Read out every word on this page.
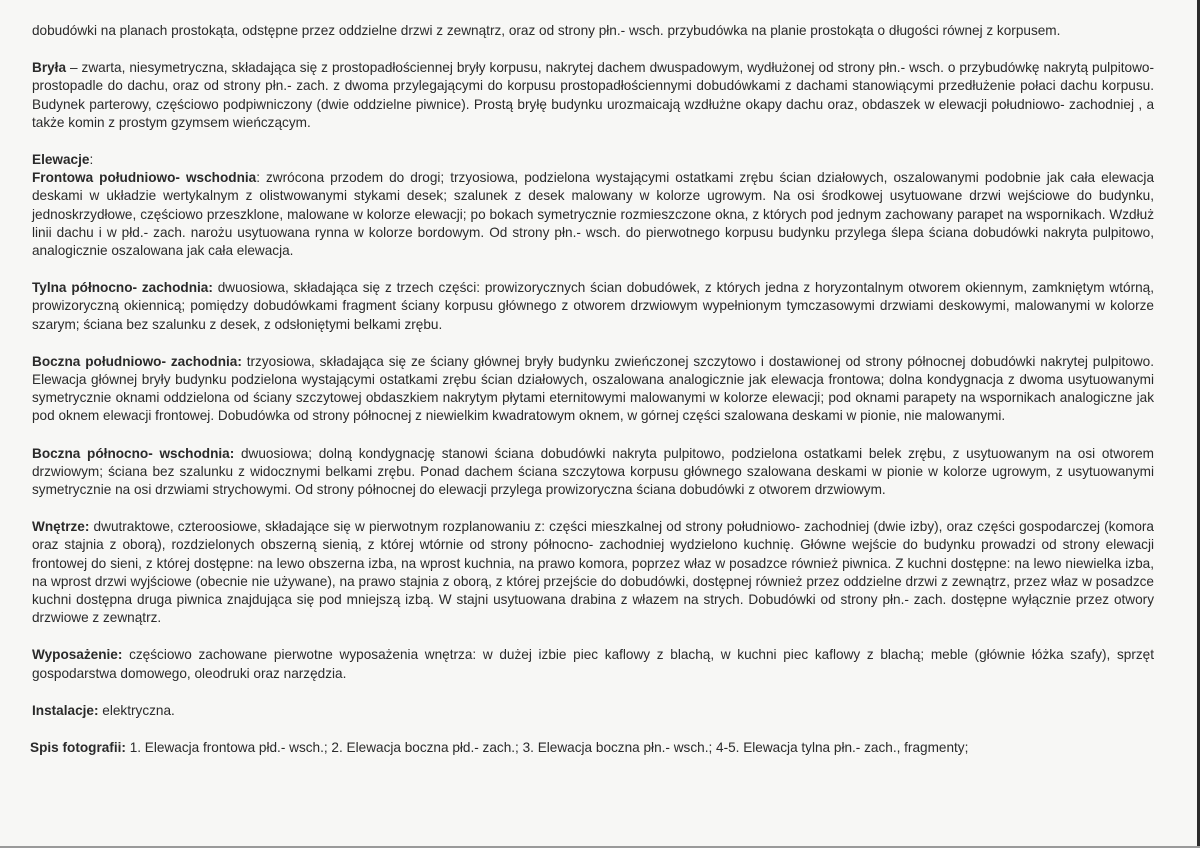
dobudówki na planach prostokąta, odstępne przez oddzielne drzwi z zewnątrz, oraz od strony płn.- wsch. przybudówka na planie prostokąta o długości równej z korpusem.

Bryła – zwarta, niesymetryczna, składająca się z prostopadłościennej bryły korpusu, nakrytej dachem dwuspadowym, wydłużonej od strony płn.- wsch. o przybudówkę nakrytą pulpitowo- prostopadle do dachu, oraz od strony płn.- zach. z dwoma przylegającymi do korpusu prostopadłościennymi dobudówkami z dachami stanowiącymi przedłużenie połaci dachu korpusu. Budynek parterowy, częściowo podpiwniczony (dwie oddzielne piwnice). Prostą bryłę budynku urozmaicają wzdłużne okapy dachu oraz, obdaszek w elewacji południowo- zachodniej , a także komin z prostym gzymsem wieńczącym.

Elewacje:

Frontowa południowo- wschodnia: zwrócona przodem do drogi; trzyosiowa, podzielona wystającymi ostatkami zrębu ścian działowych, oszalowanymi podobnie jak cała elewacja deskami w układzie wertykalnym z olistwowanymi stykami desek; szalunek z desek malowany w kolorze ugrowym. Na osi środkowej usytuowane drzwi wejściowe do budynku, jednoskrzydłowe, częściowo przeszklone, malowane w kolorze elewacji; po bokach symetrycznie rozmieszczone okna, z których pod jednym zachowany parapet na wspornikach. Wzdłuż linii dachu i w płd.- zach. narożu usytuowana rynna w kolorze bordowym. Od strony płn.- wsch. do pierwotnego korpusu budynku przylega ślepa ściana dobudówki nakryta pulpitowo, analogicznie oszalowana jak cała elewacja.

Tylna północno- zachodnia: dwuosiowa, składająca się z trzech części: prowizorycznych ścian dobudówek, z których jedna z horyzontalnym otworem okiennym, zamkniętym wtórną, prowizoryczną okiennicą; pomiędzy dobudówkami fragment ściany korpusu głównego z otworem drzwiowym wypełnionym tymczasowymi drzwiami deskowymi, malowanymi w kolorze szarym; ściana bez szalunku z desek, z odsłoniętymi belkami zrębu.

Boczna południowo- zachodnia: trzyosiowa, składająca się ze ściany głównej bryły budynku zwieńczonej szczytowo i dostawionej od strony północnej dobudówki nakrytej pulpitowo. Elewacja głównej bryły budynku podzielona wystającymi ostatkami zrębu ścian działowych, oszalowana analogicznie jak elewacja frontowa; dolna kondygnacja z dwoma usytuowanymi symetrycznie oknami oddzielona od ściany szczytowej obdaszkiem nakrytym płytami eternitowymi malowanymi w kolorze elewacji; pod oknami parapety na wspornikach analogiczne jak pod oknem elewacji frontowej. Dobudówka od strony północnej z niewielkim kwadratowym oknem, w górnej części szalowana deskami w pionie, nie malowanymi.

Boczna północno- wschodnia: dwuosiowa; dolną kondygnację stanowi ściana dobudówki nakryta pulpitowo, podzielona ostatkami belek zrębu, z usytuowanym na osi otworem drzwiowym; ściana bez szalunku z widocznymi belkami zrębu. Ponad dachem ściana szczytowa korpusu głównego szalowana deskami w pionie w kolorze ugrowym, z usytuowanymi symetrycznie na osi drzwiami strychowymi. Od strony północnej do elewacji przylega prowizoryczna ściana dobudówki z otworem drzwiowym.

Wnętrze: dwutraktowe, czteroosiowe, składające się w pierwotnym rozplanowaniu z: części mieszkalnej od strony południowo- zachodniej (dwie izby), oraz części gospodarczej (komora oraz stajnia z oborą), rozdzielonych obszerną sienią, z której wtórnie od strony północno- zachodniej wydzielono kuchnię. Główne wejście do budynku prowadzi od strony elewacji frontowej do sieni, z której dostępne: na lewo obszerna izba, na wprost kuchnia, na prawo komora, poprzez właz w posadzce również piwnica. Z kuchni dostępne: na lewo niewielka izba, na wprost drzwi wyjściowe (obecnie nie używane), na prawo stajnia z oborą, z której przejście do dobudówki, dostępnej również przez oddzielne drzwi z zewnątrz, przez właz w posadzce kuchni dostępna druga piwnica znajdująca się pod mniejszą izbą. W stajni usytuowana drabina z włazem na strych. Dobudówki od strony płn.- zach. dostępne wyłącznie przez otwory drzwiowe z zewnątrz.

Wyposażenie: częściowo zachowane pierwotne wyposażenia wnętrza: w dużej izbie piec kaflowy z blachą, w kuchni piec kaflowy z blachą; meble (głównie łóżka szafy), sprzęt gospodarstwa domowego, oleodruki oraz narzędzia.

Instalacje: elektryczna.

Spis fotografii: 1. Elewacja frontowa płd.- wsch.; 2. Elewacja boczna płd.- zach.; 3. Elewacja boczna płn.- wsch.; 4-5. Elewacja tylna płn.- zach., fragmenty;
